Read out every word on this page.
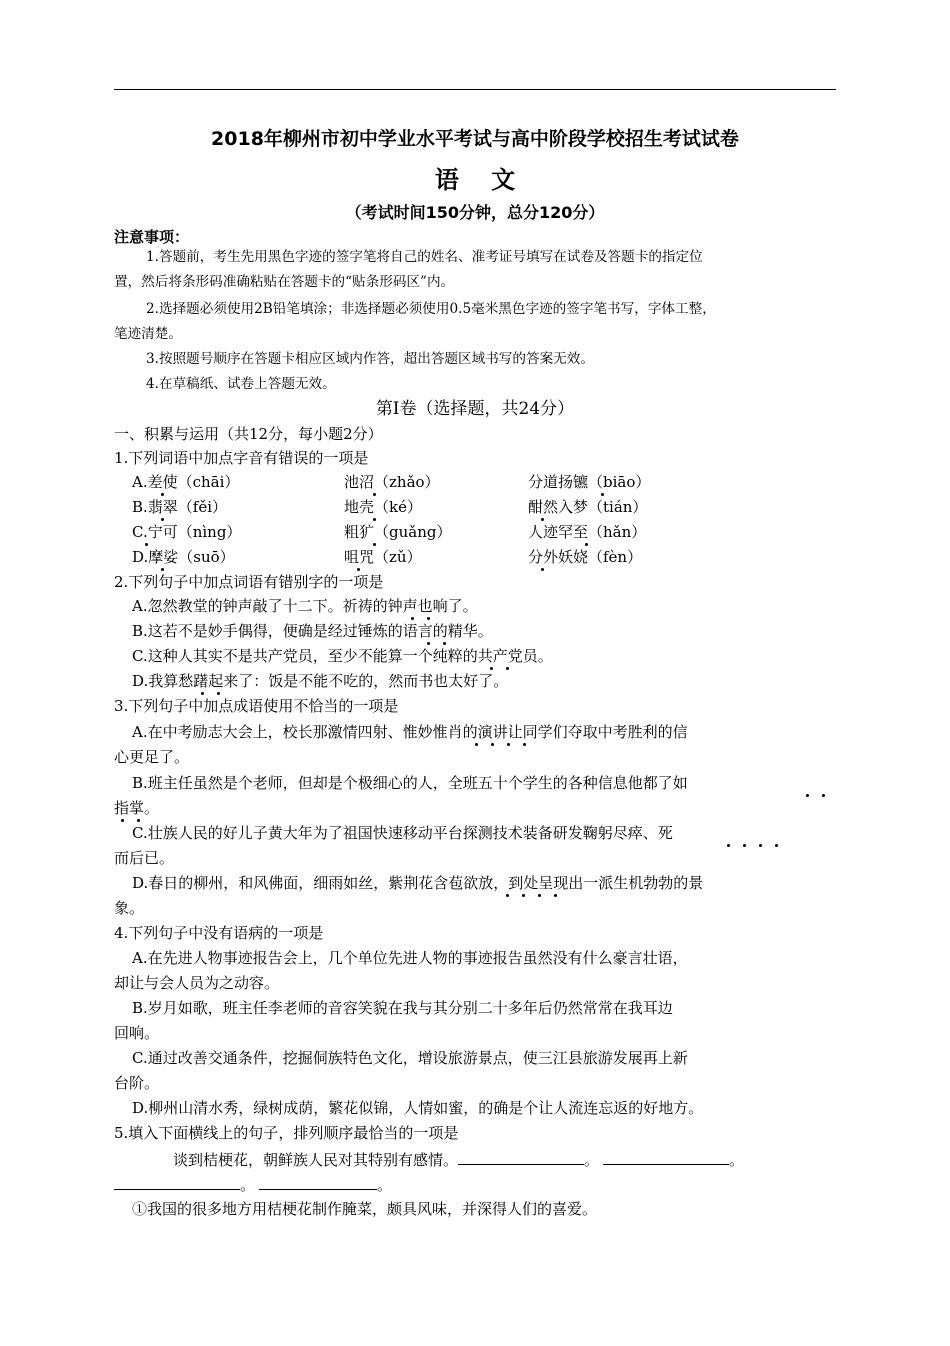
2018年柳州市初中学业水平考试与高中阶段学校招生考试试卷
语 文
（考试时间150分钟，总分120分）
注意事项：
1.答题前，考生先用黑色字迹的签字笔将自己的姓名、准考证号填写在试卷及答题卡的指定位
置，然后将条形码准确粘贴在答题卡的“贴条形码区”内。
2.选择题必须使用2B铅笔填涂；非选择题必须使用0.5毫米黑色字迹的签字笔书写，字体工整，
笔迹清楚。
3.按照题号顺序在答题卡相应区域内作答，超出答题区域书写的答案无效。
4.在草稿纸、试卷上答题无效。
第Ⅰ卷（选择题，共24分）
一、积累与运用（共12分，每小题2分）
1.下列词语中加点字音有错误的一项是
A.差使（chāi）	池沼（zhǎo）	分道扬镳（biāo）
B.翡翠（fěi）	地壳（ké）	酣然入梦（tián）
C.宁可（nìng）	粗犷（guǎng）	人迹罕至（hǎn）
D.摩娑（suō）	咀咒（zǔ）	分外妖娆（fèn）
2.下列句子中加点词语有错别字的一项是
A.忽然教堂的钟声敲了十二下。祈祷的钟声也响了。
B.这若不是妙手偶得，便确是经过锤炼的语言的精华。
C.这种人其实不是共产党员，至少不能算一个纯粹的共产党员。
D.我算愁躇起来了：饭是不能不吃的，然而书也太好了。
3.下列句子中加点成语使用不恰当的一项是
A.在中考励志大会上，校长那激情四射、惟妙惟肖的演讲让同学们夺取中考胜利的信
心更足了。
B.班主任虽然是个老师，但却是个极细心的人，全班五十个学生的各种信息他都了如
指掌。
C.壮族人民的好儿子黄大年为了祖国快速移动平台探测技术装备研发鞠躬尽瘁、死
而后已。
D.春日的柳州，和风佛面，细雨如丝，紫荆花含苞欲放，到处呈现出一派生机勃勃的景
象。
4.下列句子中没有语病的一项是
A.在先进人物事迹报告会上，几个单位先进人物的事迹报告虽然没有什么豪言壮语，
却让与会人员为之动容。
B.岁月如歌，班主任李老师的音容笑貌在我与其分别二十多年后仍然常常在我耳边
回响。
C.通过改善交通条件，挖掘侗族特色文化，增设旅游景点，使三江县旅游发展再上新
台阶。
D.柳州山清水秀，绿树成荫，繁花似锦，人情如蜜，的确是个让人流连忘返的好地方。
5.填入下面横线上的句子，排列顺序最恰当的一项是
谈到桔梗花，朝鲜族人民对其特别有感情。	。	。
。	。
①我国的很多地方用桔梗花制作腌菜，颇具风味，并深得人们的喜爱。
